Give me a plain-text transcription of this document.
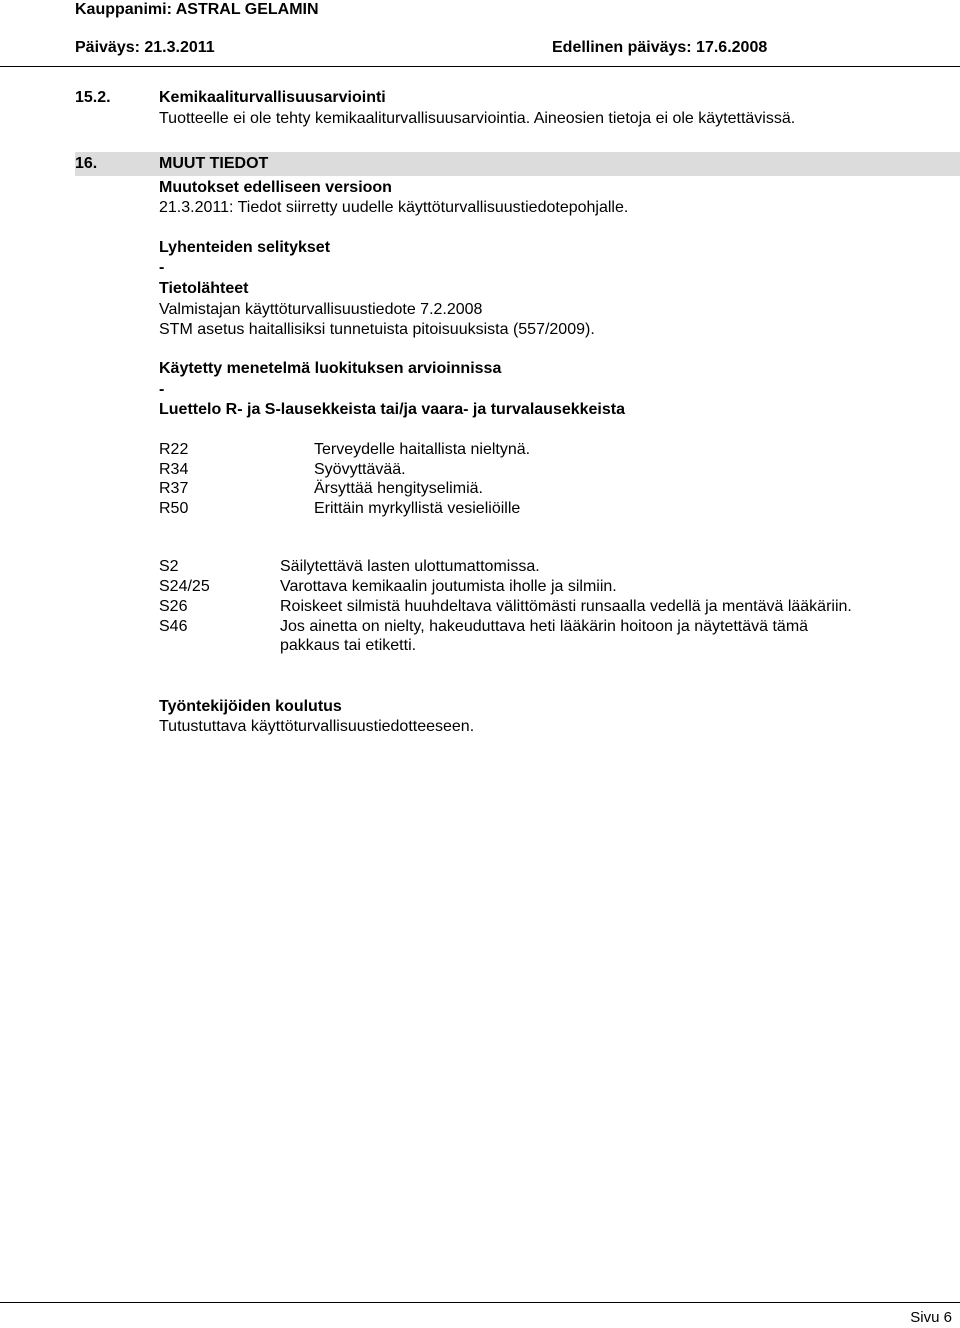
Kauppanimi: ASTRAL GELAMIN
Päiväys: 21.3.2011	Edellinen päiväys: 17.6.2008
15.2.	Kemikaaliturvallisuusarviointi
Tuotteelle ei ole tehty kemikaaliturvallisuusarviointia. Aineosien tietoja ei ole käytettävissä.
16.	MUUT TIEDOT
Muutokset edelliseen versioon
21.3.2011: Tiedot siirretty uudelle käyttöturvallisuustiedotepohjalle.
Lyhenteiden selitykset
-
Tietolähteet
Valmistajan käyttöturvallisuustiedote 7.2.2008
STM asetus haitallisiksi tunnetuista pitoisuuksista (557/2009).
Käytetty menetelmä luokituksen arvioinnissa
-
Luettelo R- ja S-lausekkeista tai/ja vaara- ja turvalausekkeista
R22	Terveydelle haitallista nieltynä.
R34	Syövyttävää.
R37	Ärsyttää hengityselimiä.
R50	Erittäin myrkyllistä vesieliöille
S2	Säilytettävä lasten ulottumattomissa.
S24/25	Varottava kemikaalin joutumista iholle ja silmiin.
S26	Roiskeet silmistä huuhdeltava välittömästi runsaalla vedellä ja mentävä lääkäriin.
S46	Jos ainetta on nielty, hakeuduttava heti lääkärin hoitoon ja näytettävä tämä
pakkaus tai etiketti.
Työntekijöiden koulutus
Tutustuttava käyttöturvallisuustiedotteeseen.
Sivu 6
